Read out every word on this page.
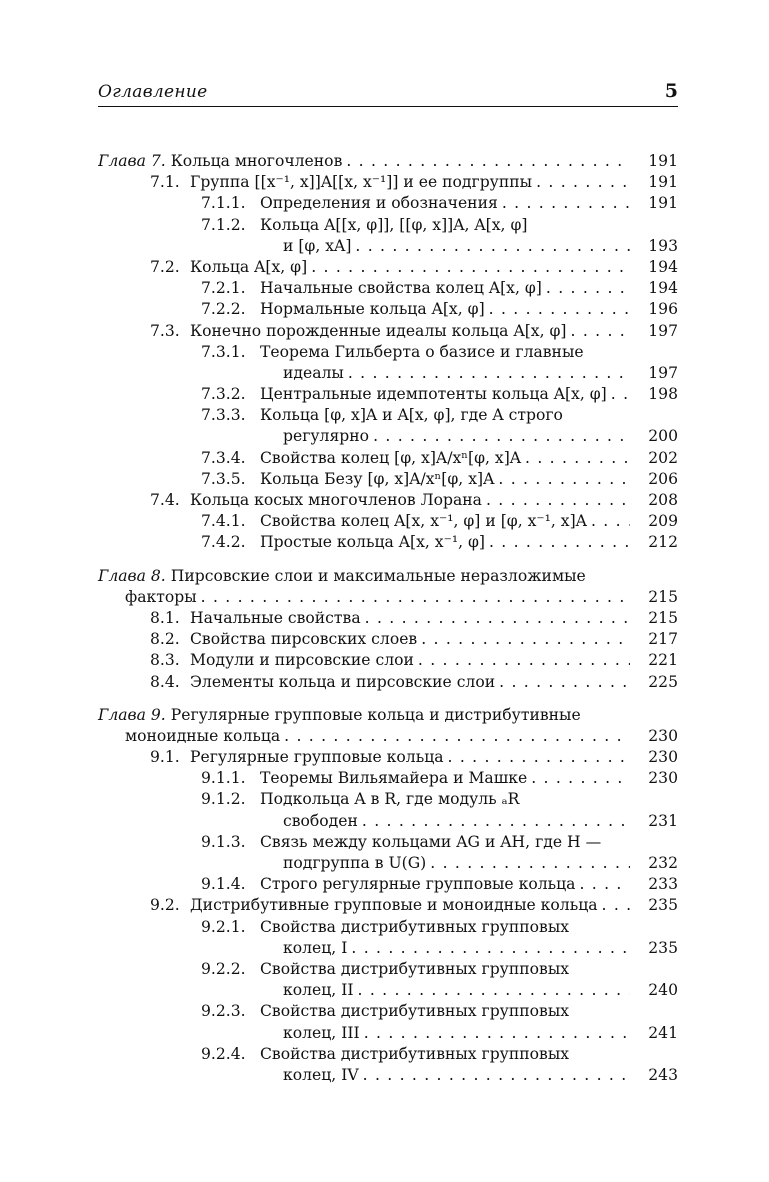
Оглавление	5
Глава 7. Кольца многочленов . . .	191
7.1. Группа [[x⁻¹, x]]A[[x, x⁻¹]] и ее подгруппы . . .	191
7.1.1. Определения и обозначения . . .	191
7.1.2. Кольца A[[x, φ]], [[φ, x]]A, A[x, φ]
и [φ, xA] . . .	193
7.2. Кольца A[x, φ] . . .	194
7.2.1. Начальные свойства колец A[x, φ] . . .	194
7.2.2. Нормальные кольца A[x, φ] . . .	196
7.3. Конечно порожденные идеалы кольца A[x, φ] . . .	197
7.3.1. Теорема Гильберта о базисе и главные
идеалы . . .	197
7.3.2. Центральные идемпотенты кольца A[x, φ] . . .	198
7.3.3. Кольца [φ, x]A и A[x, φ], где A строго
регулярно . . .	200
7.3.4. Свойства колец [φ, x]A/xⁿ[φ, x]A . . .	202
7.3.5. Кольца Безу [φ, x]A/xⁿ[φ, x]A . . .	206
7.4. Кольца косых многочленов Лорана . . .	208
7.4.1. Свойства колец A[x, x⁻¹, φ] и [φ, x⁻¹, x]A . . .	209
7.4.2. Простые кольца A[x, x⁻¹, φ] . . .	212
Глава 8. Пирсовские слои и максимальные неразложимые
факторы . . .	215
8.1. Начальные свойства . . .	215
8.2. Свойства пирсовских слоев . . .	217
8.3. Модули и пирсовские слои . . .	221
8.4. Элементы кольца и пирсовские слои . . .	225
Глава 9. Регулярные групповые кольца и дистрибутивные
моноидные кольца . . .	230
9.1. Регулярные групповые кольца . . .	230
9.1.1. Теоремы Вильямайера и Машке . . .	230
9.1.2. Подкольца A в R, где модуль ₐR
свободен . . .	231
9.1.3. Связь между кольцами AG и AH, где H —
подгруппа в U(G) . . .	232
9.1.4. Строго регулярные групповые кольца . . .	233
9.2. Дистрибутивные групповые и моноидные кольца . . .	235
9.2.1. Свойства дистрибутивных групповых
колец, I . . .	235
9.2.2. Свойства дистрибутивных групповых
колец, II . . .	240
9.2.3. Свойства дистрибутивных групповых
колец, III . . .	241
9.2.4. Свойства дистрибутивных групповых
колец, IV . . .	243
